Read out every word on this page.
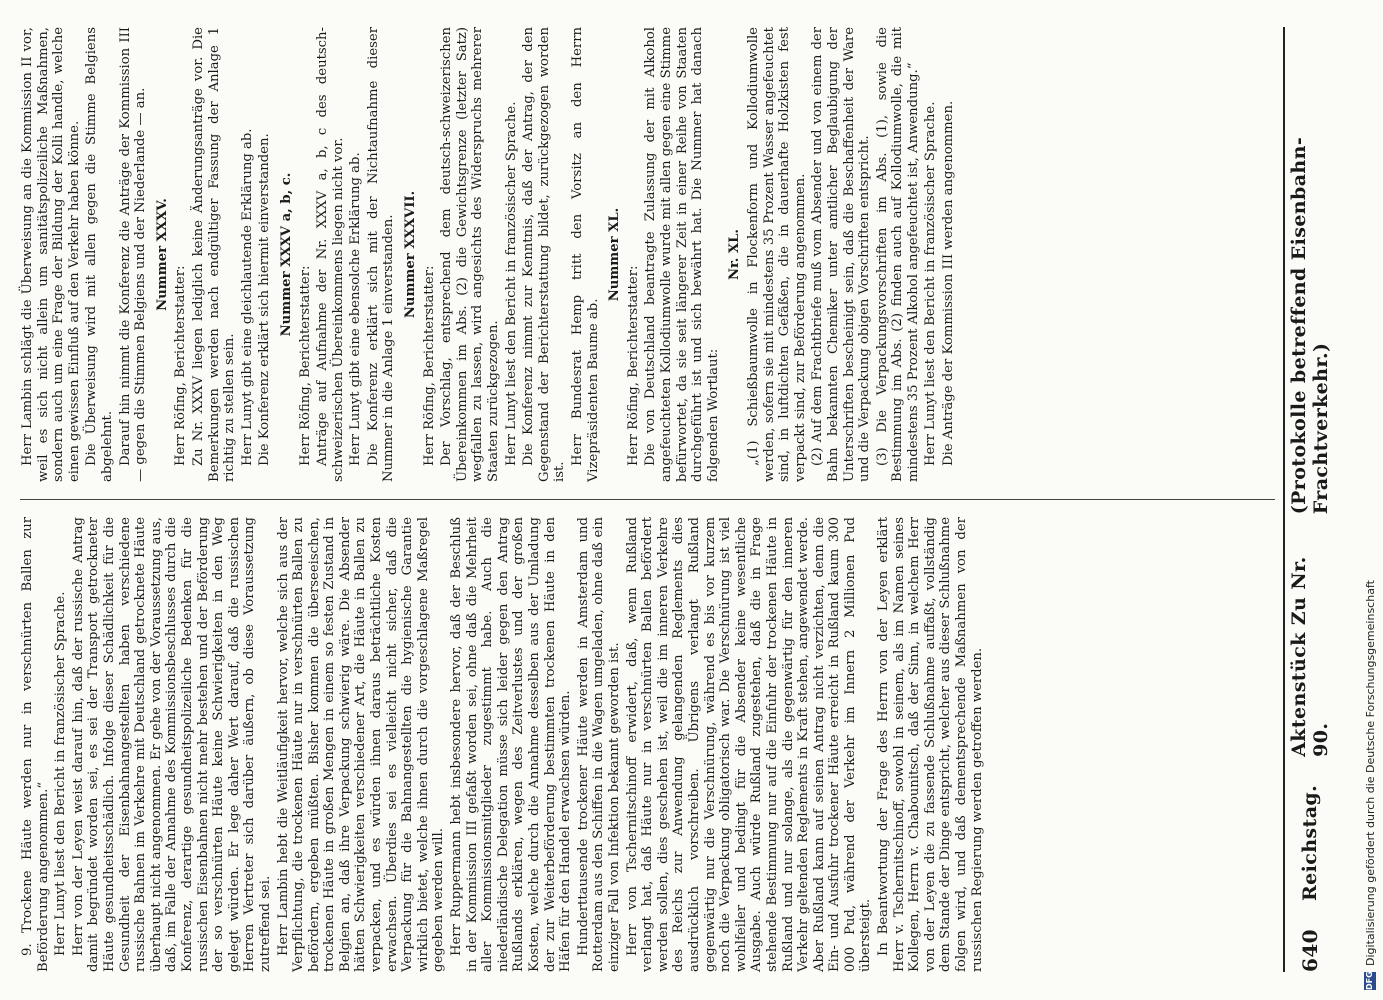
9. Trockene Häute werden nur in verschnürten Ballen zur Beförderung angenommen.“ Herr Lunyt liest den Bericht in französischer Sprache. Herr von der Leyen weist darauf hin, daß der russische Antrag damit begründet worden sei, es sei der Transport getrockneter Häute gesundheitsschädlich. Infolge dieser Schädlichkeit für die Gesundheit der Eisenbahnangestellten haben verschiedene russische Bahnen im Verkehre mit Deutschland getrocknete Häute überhaupt nicht angenommen. Er gehe von der Voraussetzung aus, daß, im Falle der Annahme des Kommissionsbeschlusses durch die Konferenz, derartige gesundheitspolizeiliche Bedenken für die russischen Eisenbahnen nicht mehr bestehen und der Beförderung der so verschnürten Häute keine Schwierigkeiten in den Weg gelegt würden. Er lege daher Wert darauf, daß die russischen Herren Vertreter sich darüber äußern, ob diese Voraussetzung zutreffend sei. Herr Lambin hebt die Weitläufigkeit hervor, welche sich aus der Verpflichtung, die trockenen Häute nur in verschnürten Ballen zu befördern, ergeben müßten. Bisher kommen die überseeischen, trockenen Häute in großen Mengen in einem so festen Zustand in Belgien an, daß ihre Verpackung schwierig wäre. Die Absender hätten Schwierigkeiten verschiedener Art, die Häute in Ballen zu verpacken, und es würden ihnen daraus beträchtliche Kosten erwachsen. Überdies sei es vielleicht nicht sicher, daß die Verpackung für die Bahnangestellten die hygienische Garantie wirklich bietet, welche ihnen durch die vorgeschlagene Maßregel gegeben werden will. Herr Ruppermann hebt insbesondere hervor, daß der Beschluß in der Kommission III gefaßt worden sei, ohne daß die Mehrheit aller Kommissionsmitglieder zugestimmt habe. Auch die niederländische Delegation müsse sich leider gegen den Antrag Rußlands erklären, wegen des Zeitverlustes und der großen Kosten, welche durch die Annahme desselben aus der Umladung der zur Weiterbeförderung bestimmten trockenen Häute in den Häfen für den Handel erwachsen würden. Hunderttausende trockener Häute werden in Amsterdam und Rotterdam aus den Schiffen in die Wagen umgeladen, ohne daß ein einziger Fall von Infektion bekannt geworden ist. Herr von Tschernitschinoff erwidert, daß, wenn Rußland verlangt hat, daß Häute nur in verschnürten Ballen befördert werden sollen, dies geschehen ist, weil die im inneren Verkehre des Reichs zur Anwendung gelangenden Reglements dies ausdrücklich vorschreiben. Übrigens verlangt Rußland gegenwärtig nur die Verschnürung, während es bis vor kurzem noch die Verpackung obligatorisch war. Die Verschnürung ist viel wohlfeiler und bedingt für die Absender keine wesentliche Ausgabe. Auch würde Rußland zugestehen, daß die in Frage stehende Bestimmung nur auf die Einfuhr der trockenen Häute in Rußland und nur solange, als die gegenwärtig für den inneren Verkehr geltenden Reglements in Kraft stehen, angewendet werde. Aber Rußland kann auf seinen Antrag nicht verzichten, denn die Ein- und Ausfuhr trockener Häute erreicht in Rußland kaum 300 000 Pud, während der Verkehr im Innern 2 Millionen Pud übersteigt. In Beantwortung der Frage des Herrn von der Leyen erklärt Herr v. Tschernitschinoff, sowohl in seinem, als im Namen seines Kollegen, Herrn v. Chabounitsch, daß der Sinn, in welchem Herr von der Leyen die zu fassende Schlußnahme auffaßt, vollständig dem Stande der Dinge entspricht, welcher aus dieser Schlußnahme folgen wird, und daß dementsprechende Maßnahmen von der russischen Regierung werden getroffen werden.

Herr Lambin schlägt die Überweisung an die Kommission II vor, weil es sich nicht allein um sanitätspolizeiliche Maßnahmen, sondern auch um eine Frage der Bildung der Kolli handle, welche einen gewissen Einfluß auf den Verkehr haben könne. Die Überweisung wird mit allen gegen die Stimme Belgiens abgelehnt. Darauf hin nimmt die Konferenz die Anträge der Kommission III — gegen die Stimmen Belgiens und der Niederlande — an. Nummer XXXV.

Herr Röfing, Berichterstatter: Zu Nr. XXXV liegen lediglich keine Änderungsanträge vor. Die Bemerkungen werden nach endgültiger Fassung der Anlage 1 richtig zu stellen sein. Herr Lunyt gibt eine gleichlautende Erklärung ab. Die Konferenz erklärt sich hiermit einverstanden. Nummer XXXV a, b, c.

Herr Röfing, Berichterstatter: Anträge auf Aufnahme der Nr. XXXV a, b, c des deutsch-schweizerischen Übereinkommens liegen nicht vor. Herr Lunyt gibt eine ebensolche Erklärung ab. Die Konferenz erklärt sich mit der Nichtaufnahme dieser Nummer in die Anlage 1 einverstanden. Nummer XXXVII.

Herr Röfing, Berichterstatter: Der Vorschlag, entsprechend dem deutsch-schweizerischen Übereinkommen im Abs. (2) die Gewichtsgrenze (letzter Satz) wegfallen zu lassen, wird angesichts des Widerspruchs mehrerer Staaten zurückgezogen. Herr Lunyt liest den Bericht in französischer Sprache. Die Konferenz nimmt zur Kenntnis, daß der Antrag, der den Gegenstand der Berichterstattung bildet, zurückgezogen worden ist.

Herr Bundesrat Hemp tritt den Vorsitz an den Herrn Vizepräsidenten Baume ab.

Nummer XL.

Herr Röfing, Berichterstatter: Die von Deutschland beantragte Zulassung der mit Alkohol angefeuchteten Kollodiumwolle wurde mit allen gegen eine Stimme befürwortet, da sie seit längerer Zeit in einer Reihe von Staaten durchgeführt ist und sich bewährt hat. Die Nummer hat danach folgenden Wortlaut:

Nr. XL. „(1) Schießbaumwolle in Flockenform und Kollodiumwolle werden, sofern sie mit mindestens 35 Prozent Wasser angefeuchtet sind, in luftdichten Gefäßen, die in dauerhafte Holzkisten fest verpackt sind, zur Beförderung angenommen. (2) Auf dem Frachtbriefe muß vom Absender und von einem der Bahn bekannten Chemiker unter amtlicher Beglaubigung der Unterschriften bescheinigt sein, daß die Beschaffenheit der Ware und die Verpackung obigen Vorschriften entspricht. (3) Die Verpackungsvorschriften im Abs. (1), sowie die Bestimmung im Abs. (2) finden auch auf Kollodiumwolle, die mit mindestens 35 Prozent Alkohol angefeuchtet ist, Anwendung.“ Herr Lunyt liest den Bericht in französischer Sprache. Die Anträge der Kommission III werden angenommen.

640
Reichstag.
Aktenstück Zu Nr. 90.
(Protokolle betreffend Eisenbahn-Frachtverkehr.)
DFG
Digitalisierung gefördert durch die Deutsche Forschungsgemeinschaft
